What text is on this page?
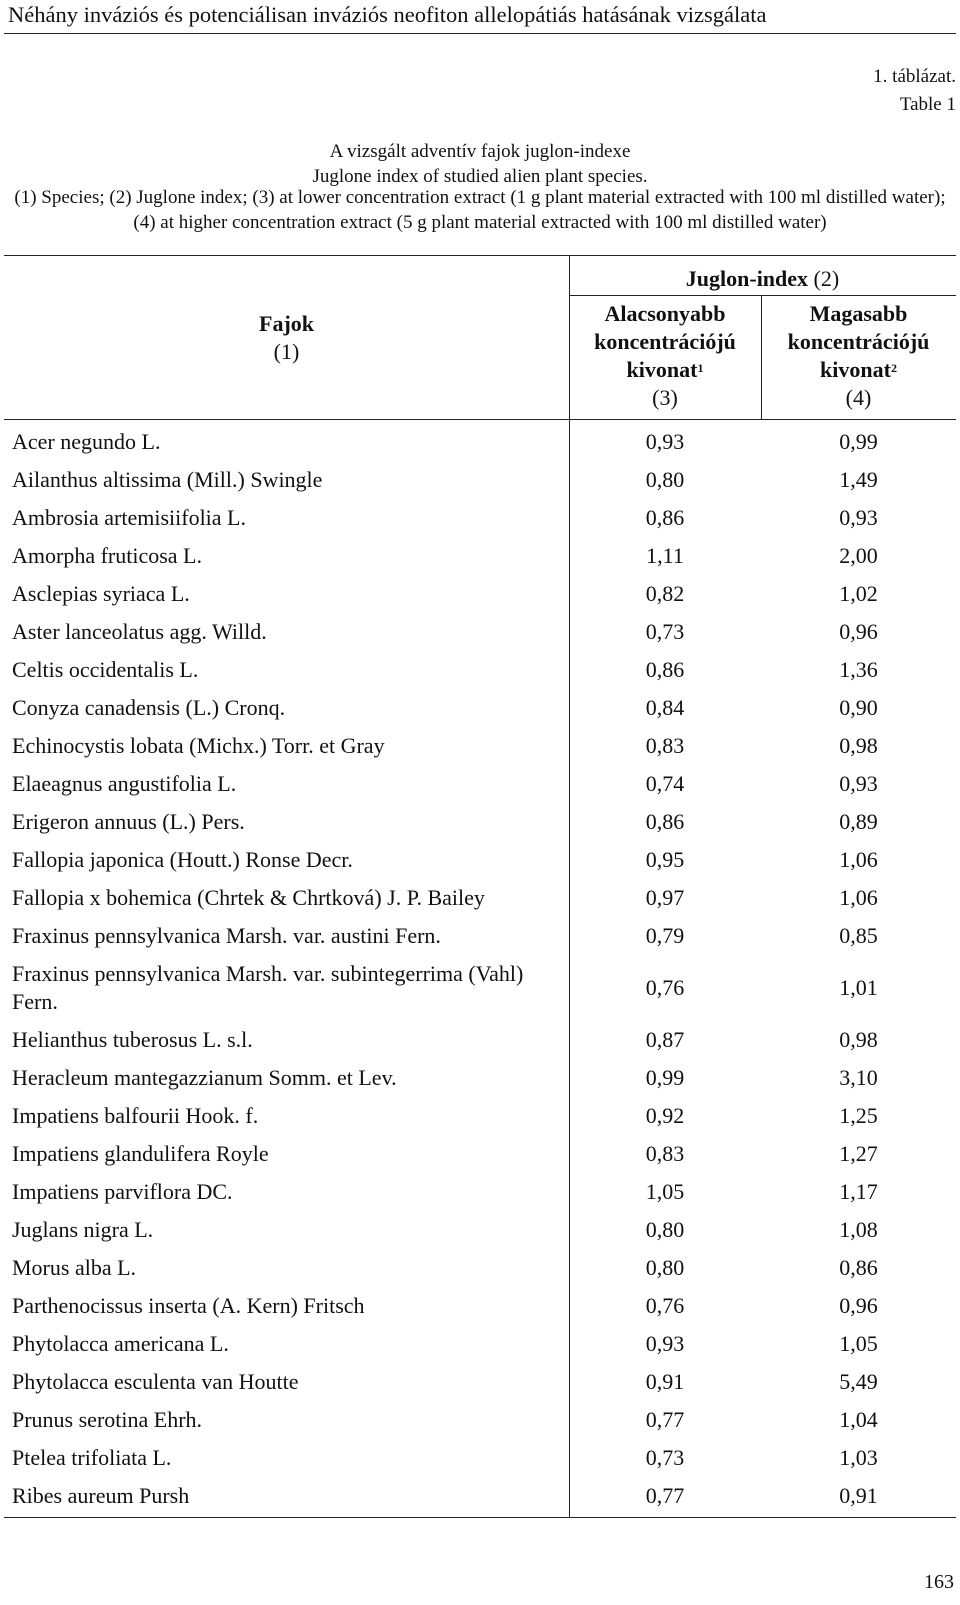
Néhány inváziós és potenciálisan inváziós neofiton allelopátiás hatásának vizsgálata
1. táblázat.
Table 1
A vizsgált adventív fajok juglon-indexe
Juglone index of studied alien plant species.
(1) Species; (2) Juglone index; (3) at lower concentration extract (1 g plant material extracted with 100 ml distilled water); (4) at higher concentration extract (5 g plant material extracted with 100 ml distilled water)
Fajok
(1)
Juglon-index (2)
Alacsonyabb
koncentrációjú
kivonat$^1$
(3)
Magasabb
koncentrációjú
kivonat$^2$
(4)
Acer negundo L.	0,93	0,99
Ailanthus altissima (Mill.) Swingle	0,80	1,49
Ambrosia artemisiifolia L.	0,86	0,93
Amorpha fruticosa L.	1,11	2,00
Asclepias syriaca L.	0,82	1,02
Aster lanceolatus agg. Willd.	0,73	0,96
Celtis occidentalis L.	0,86	1,36
Conyza canadensis (L.) Cronq.	0,84	0,90
Echinocystis lobata (Michx.) Torr. et Gray	0,83	0,98
Elaeagnus angustifolia L.	0,74	0,93
Erigeron annuus (L.) Pers.	0,86	0,89
Fallopia japonica (Houtt.) Ronse Decr.	0,95	1,06
Fallopia x bohemica (Chrtek & Chrtková) J. P. Bailey	0,97	1,06
Fraxinus pennsylvanica Marsh. var. austini Fern.	0,79	0,85
Fraxinus pennsylvanica Marsh. var. subintegerrima (Vahl) Fern.
0,76	1,01
Helianthus tuberosus L. s.l.	0,87	0,98
Heracleum mantegazzianum Somm. et Lev.	0,99	3,10
Impatiens balfourii Hook. f.	0,92	1,25
Impatiens glandulifera Royle	0,83	1,27
Impatiens parviflora DC.	1,05	1,17
Juglans nigra L.	0,80	1,08
Morus alba L.	0,80	0,86
Parthenocissus inserta (A. Kern) Fritsch	0,76	0,96
Phytolacca americana L.	0,93	1,05
Phytolacca esculenta van Houtte	0,91	5,49
Prunus serotina Ehrh.	0,77	1,04
Ptelea trifoliata L.	0,73	1,03
Ribes aureum Pursh	0,77	0,91
163
